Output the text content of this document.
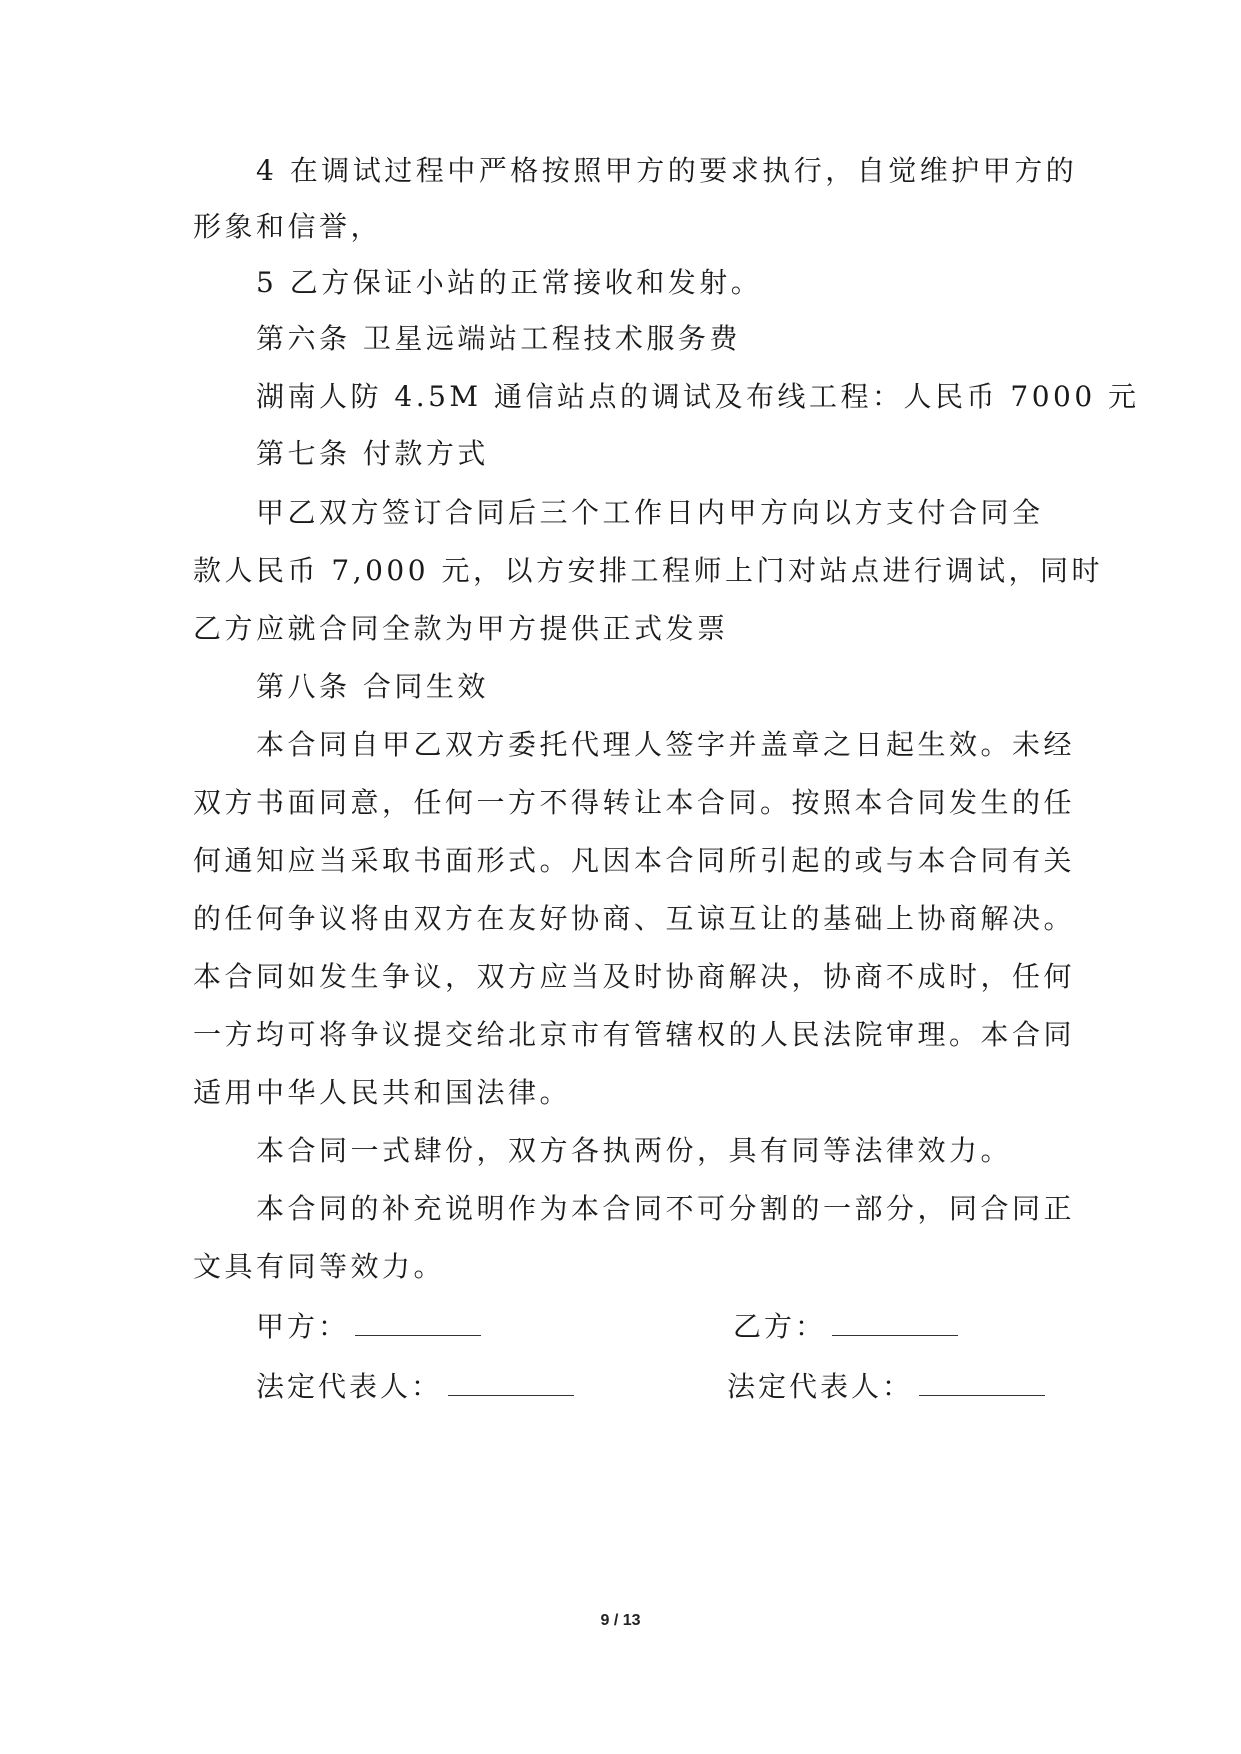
4 在调试过程中严格按照甲方的要求执行，自觉维护甲方的
形象和信誉，
5 乙方保证小站的正常接收和发射。
第六条 卫星远端站工程技术服务费
湖南人防 4.5M 通信站点的调试及布线工程：人民币 7000 元
第七条 付款方式
甲乙双方签订合同后三个工作日内甲方向以方支付合同全
款人民币 7,000 元，以方安排工程师上门对站点进行调试，同时
乙方应就合同全款为甲方提供正式发票
第八条 合同生效
本合同自甲乙双方委托代理人签字并盖章之日起生效。未经
双方书面同意，任何一方不得转让本合同。按照本合同发生的任
何通知应当采取书面形式。凡因本合同所引起的或与本合同有关
的任何争议将由双方在友好协商、互谅互让的基础上协商解决。
本合同如发生争议，双方应当及时协商解决，协商不成时，任何
一方均可将争议提交给北京市有管辖权的人民法院审理。本合同
适用中华人民共和国法律。
本合同一式肆份，双方各执两份，具有同等法律效力。
本合同的补充说明作为本合同不可分割的一部分，同合同正
文具有同等效力。
甲方：	乙方：
法定代表人：	法定代表人：
9 / 13
